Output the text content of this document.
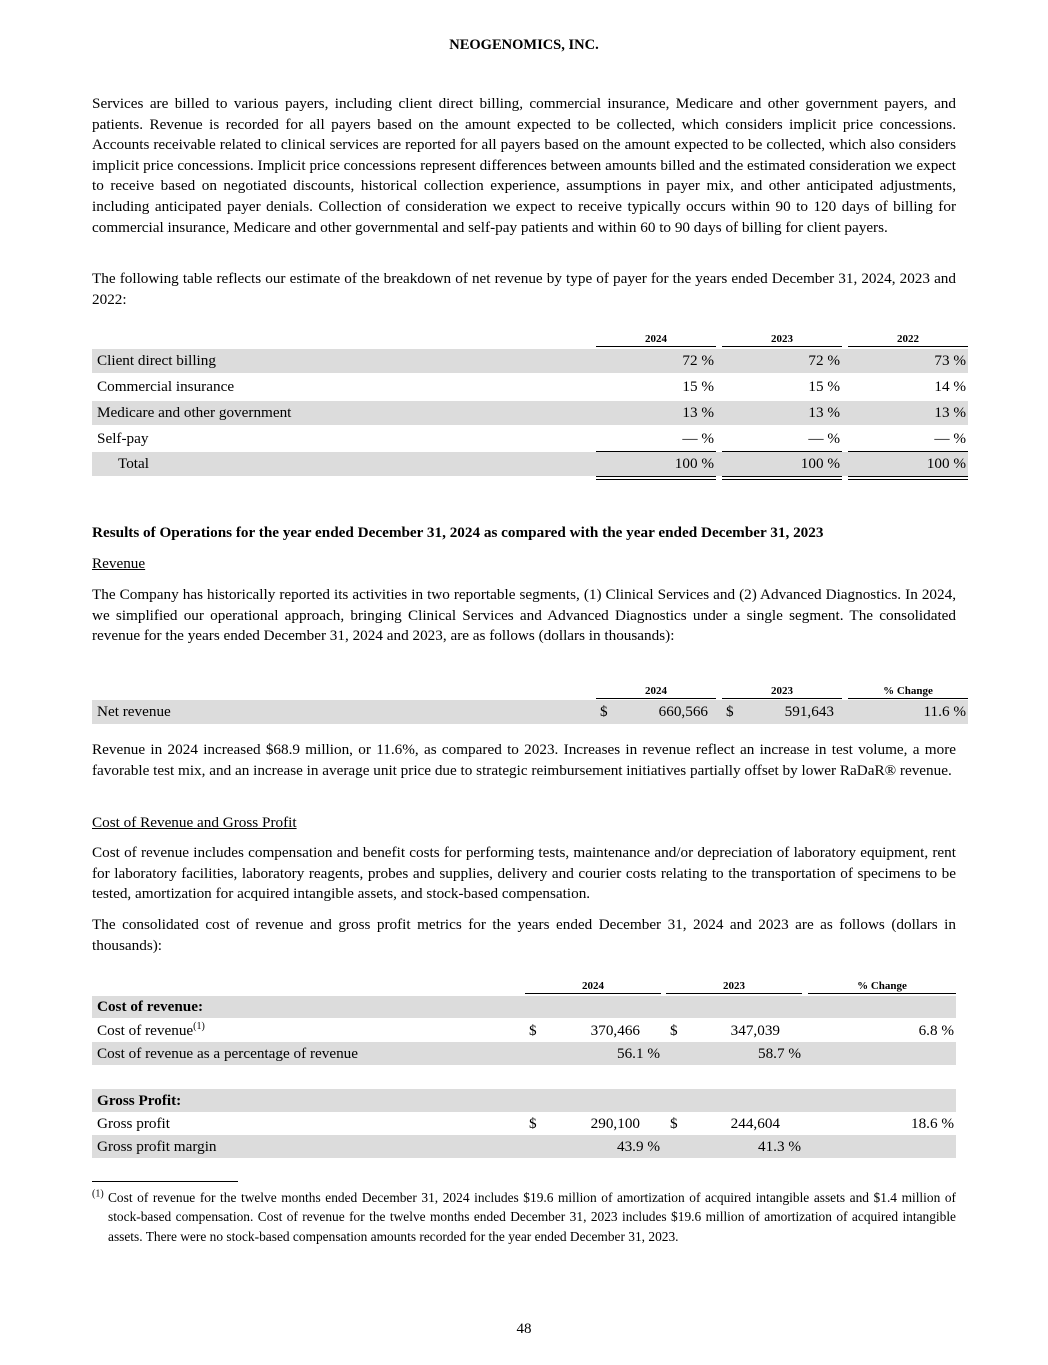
NEOGENOMICS, INC.

Services are billed to various payers, including client direct billing, commercial insurance, Medicare and other government payers, and patients. Revenue is recorded for all payers based on the amount expected to be collected, which considers implicit price concessions. Accounts receivable related to clinical services are reported for all payers based on the amount expected to be collected, which also considers implicit price concessions. Implicit price concessions represent differences between amounts billed and the estimated consideration we expect to receive based on negotiated discounts, historical collection experience, assumptions in payer mix, and other anticipated adjustments, including anticipated payer denials. Collection of consideration we expect to receive typically occurs within 90 to 120 days of billing for commercial insurance, Medicare and other governmental and self-pay patients and within 60 to 90 days of billing for client payers.

The following table reflects our estimate of the breakdown of net revenue by type of payer for the years ended December 31, 2024, 2023 and 2022:

2024	2023	2022
Client direct billing	72 %	72 %	73 %
Commercial insurance	15 %	15 %	14 %
Medicare and other government	13 %	13 %	13 %
Self-pay	— %	— %	— %
Total	100 %	100 %	100 %

Results of Operations for the year ended December 31, 2024 as compared with the year ended December 31, 2023

Revenue

The Company has historically reported its activities in two reportable segments, (1) Clinical Services and (2) Advanced Diagnostics. In 2024, we simplified our operational approach, bringing Clinical Services and Advanced Diagnostics under a single segment. The consolidated revenue for the years ended December 31, 2024 and 2023, are as follows (dollars in thousands):

2024	2023	% Change
Net revenue	$	660,566 $	591,643	11.6 %

Revenue in 2024 increased $68.9 million, or 11.6%, as compared to 2023. Increases in revenue reflect an increase in test volume, a more favorable test mix, and an increase in average unit price due to strategic reimbursement initiatives partially offset by lower RaDaR® revenue.

Cost of Revenue and Gross Profit

Cost of revenue includes compensation and benefit costs for performing tests, maintenance and/or depreciation of laboratory equipment, rent for laboratory facilities, laboratory reagents, probes and supplies, delivery and courier costs relating to the transportation of specimens to be tested, amortization for acquired intangible assets, and stock-based compensation.

The consolidated cost of revenue and gross profit metrics for the years ended December 31, 2024 and 2023 are as follows (dollars in thousands):

2024	2023	% Change
Cost of revenue:
Cost of revenue$^{(1)}$	$	370,466 $	347,039	6.8 %
Cost of revenue as a percentage of revenue	56.1 %	58.7 %
Gross Profit:
Gross profit	$	290,100 $	244,604	18.6 %
Gross profit margin	43.9 %	41.3 %
$^{(1)}$ Cost of revenue for the twelve months ended December 31, 2024 includes $19.6 million of amortization of acquired intangible assets and $1.4 million of stock-based compensation. Cost of revenue for the twelve months ended December 31, 2023 includes $19.6 million of amortization of acquired intangible assets. There were no stock-based compensation amounts recorded for the year ended December 31, 2023.
48
